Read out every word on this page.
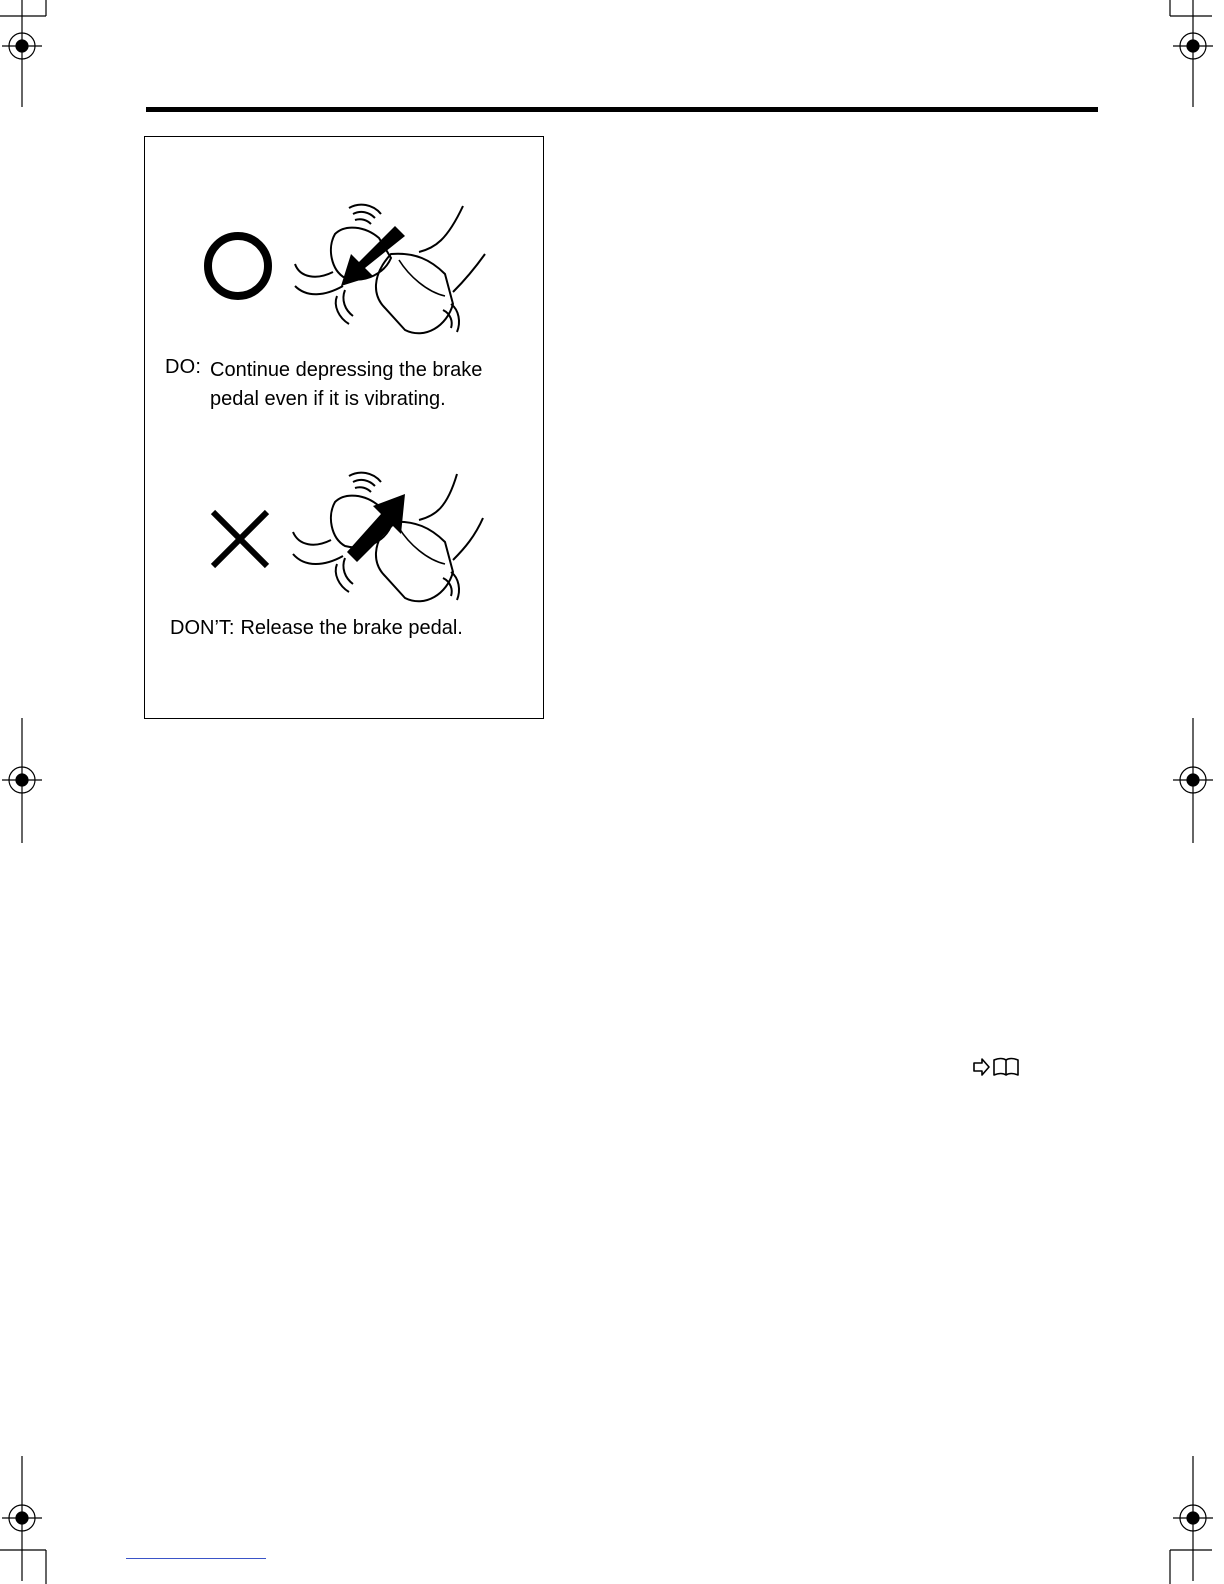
DO: Continue depressing the brake
pedal even if it is vibrating.
DON’T: Release the brake pedal.
